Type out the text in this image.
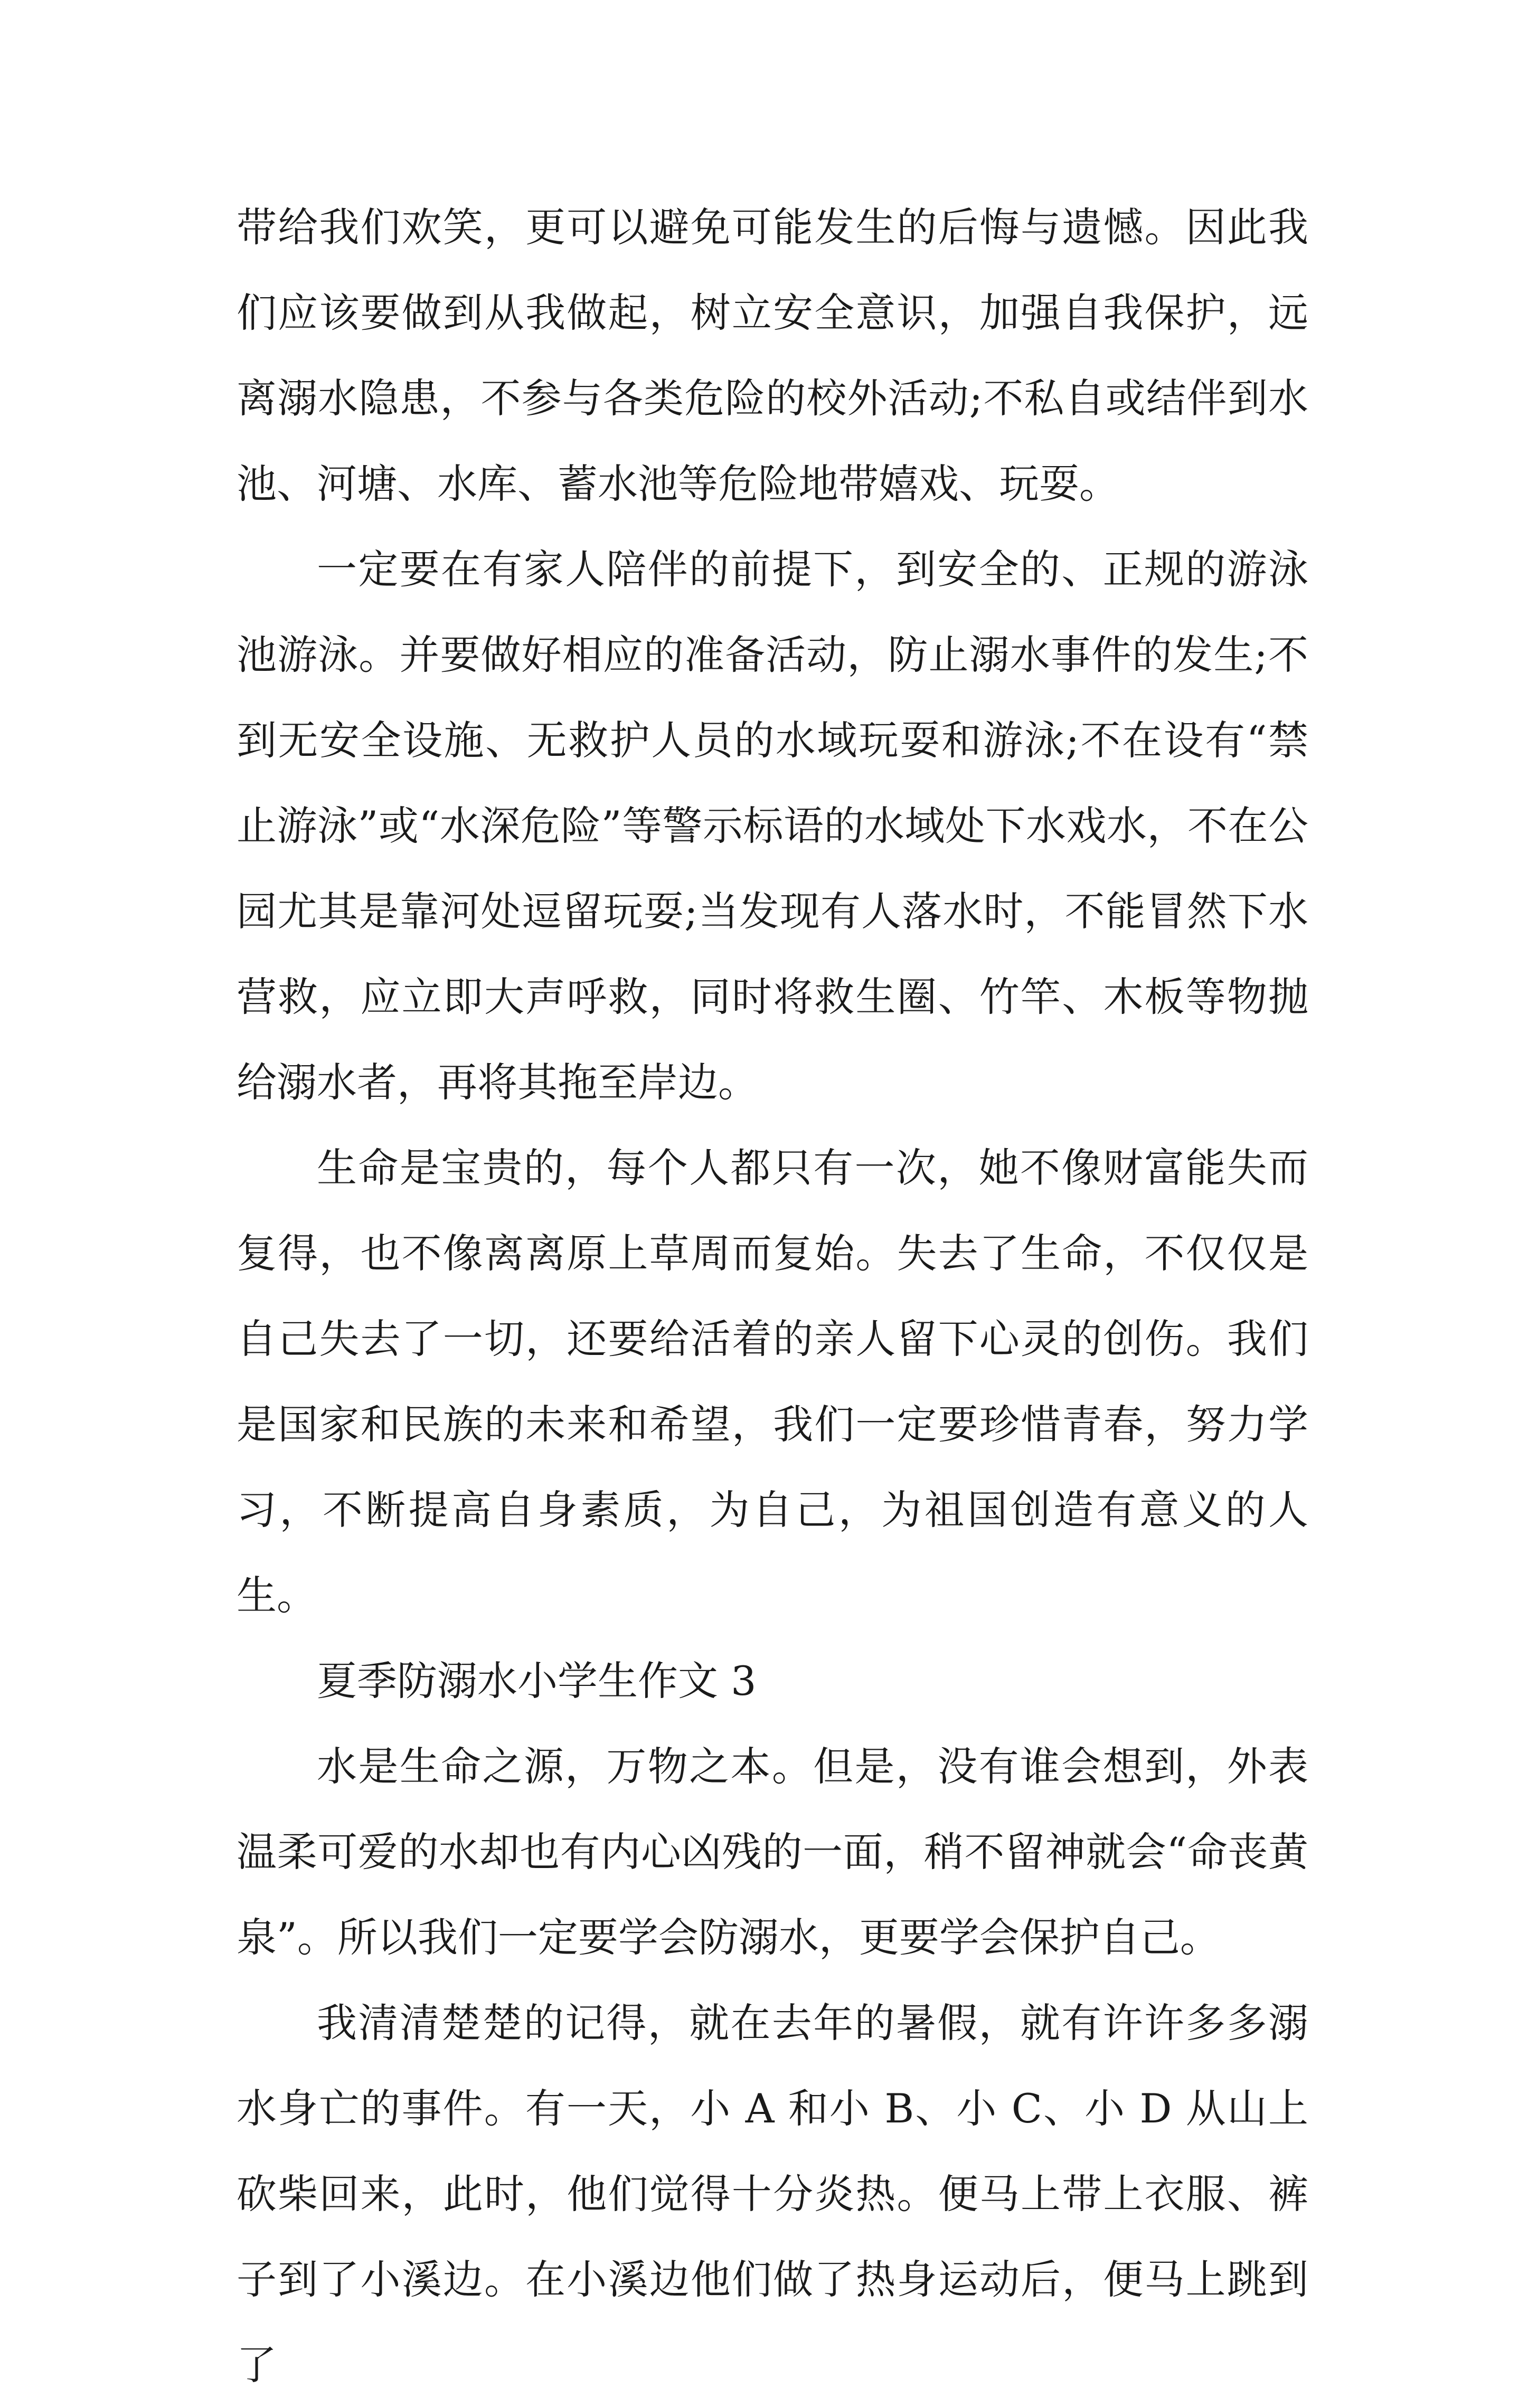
带给我们欢笑，更可以避免可能发生的后悔与遗憾。因此我们应该要做到从我做起，树立安全意识，加强自我保护，远离溺水隐患，不参与各类危险的校外活动;不私自或结伴到水池、河塘、水库、蓄水池等危险地带嬉戏、玩耍。

一定要在有家人陪伴的前提下，到安全的、正规的游泳池游泳。并要做好相应的准备活动，防止溺水事件的发生;不到无安全设施、无救护人员的水域玩耍和游泳;不在设有“禁止游泳”或“水深危险”等警示标语的水域处下水戏水，不在公园尤其是靠河处逗留玩耍;当发现有人落水时，不能冒然下水营救，应立即大声呼救，同时将救生圈、竹竿、木板等物抛给溺水者，再将其拖至岸边。

生命是宝贵的，每个人都只有一次，她不像财富能失而复得，也不像离离原上草周而复始。失去了生命，不仅仅是自己失去了一切，还要给活着的亲人留下心灵的创伤。我们是国家和民族的未来和希望，我们一定要珍惜青春，努力学习，不断提高自身素质，为自己，为祖国创造有意义的人生。

夏季防溺水小学生作文 3

水是生命之源，万物之本。但是，没有谁会想到，外表温柔可爱的水却也有内心凶残的一面，稍不留神就会“命丧黄泉”。所以我们一定要学会防溺水，更要学会保护自己。

我清清楚楚的记得，就在去年的暑假，就有许许多多溺水身亡的事件。有一天，小 A 和小 B、小 C、小 D 从山上砍柴回来，此时，他们觉得十分炎热。便马上带上衣服、裤子到了小溪边。在小溪边他们做了热身运动后，便马上跳到了
